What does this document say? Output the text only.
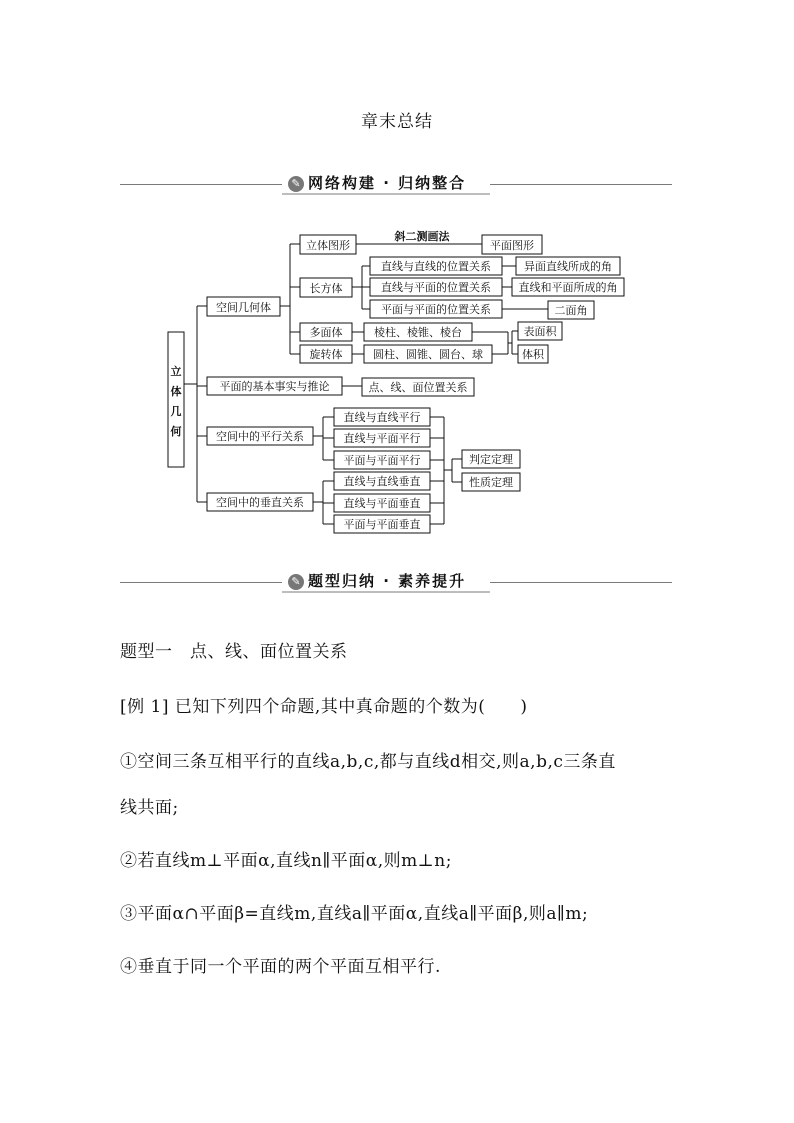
章末总结
✎ 网络构建 · 归纳整合
立
体
几
何
空间几何体
立体图形
斜二测画法
平面图形
长方体
直线与直线的位置关系	异面直线所成的角
直线与平面的位置关系	直线和平面所成的角
平面与平面的位置关系	二面角
多面体	棱柱、棱锥、棱台
旋转体	圆柱、圆锥、圆台、球
表面积
体积
平面的基本事实与推论	点、线、面位置关系
空间中的平行关系
直线与直线平行
直线与平面平行
平面与平面平行	判定定理
性质定理
空间中的垂直关系
直线与直线垂直
直线与平面垂直
平面与平面垂直
✎ 题型归纳 · 素养提升
题型一　点、线、面位置关系
[例 1] 已知下列四个命题,其中真命题的个数为(　　)
①空间三条互相平行的直线a,b,c,都与直线d相交,则a,b,c三条直
线共面;
②若直线m⊥平面α,直线n∥平面α,则m⊥n;
③平面α∩平面β=直线m,直线a∥平面α,直线a∥平面β,则a∥m;
④垂直于同一个平面的两个平面互相平行.
